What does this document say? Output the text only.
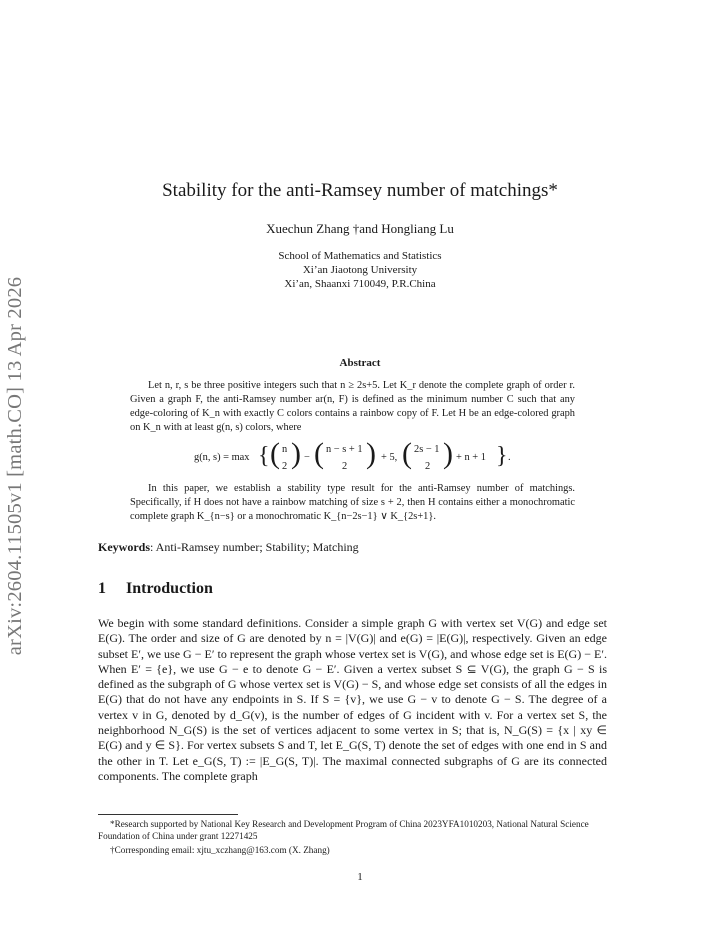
arXiv:2604.11505v1 [math.CO] 13 Apr 2026
Stability for the anti-Ramsey number of matchings*
Xuechun Zhang †and Hongliang Lu
School of Mathematics and Statistics
Xi’an Jiaotong University
Xi’an, Shaanxi 710049, P.R.China
Abstract
Let n, r, s be three positive integers such that n ≥ 2s+5. Let K_r denote the complete graph of order r. Given a graph F, the anti-Ramsey number ar(n, F) is defined as the minimum number C such that any edge-coloring of K_n with exactly C colors contains a rainbow copy of F. Let H be an edge-colored graph on K_n with at least g(n, s) colors, where
g(n, s) = max { ( n
2 ) − ( n − s + 1
2 ) + 5, ( 2s − 1
2 ) + n + 1 } .
In this paper, we establish a stability type result for the anti-Ramsey number of matchings. Specifically, if H does not have a rainbow matching of size s + 2, then H contains either a monochromatic complete graph K_{n−s} or a monochromatic K_{n−2s−1} ∨ K_{2s+1}.
Keywords: Anti-Ramsey number; Stability; Matching
1 Introduction
We begin with some standard definitions. Consider a simple graph G with vertex set V(G) and edge set E(G). The order and size of G are denoted by n = |V(G)| and e(G) = |E(G)|, respectively. Given an edge subset E′, we use G − E′ to represent the graph whose vertex set is V(G), and whose edge set is E(G) − E′. When E′ = {e}, we use G − e to denote G − E′. Given a vertex subset S ⊆ V(G), the graph G − S is defined as the subgraph of G whose vertex set is V(G) − S, and whose edge set consists of all the edges in E(G) that do not have any endpoints in S. If S = {v}, we use G − v to denote G − S. The degree of a vertex v in G, denoted by d_G(v), is the number of edges of G incident with v. For a vertex set S, the neighborhood N_G(S) is the set of vertices adjacent to some vertex in S; that is, N_G(S) = {x | xy ∈ E(G) and y ∈ S}. For vertex subsets S and T, let E_G(S, T) denote the set of edges with one end in S and the other in T. Let e_G(S, T) := |E_G(S, T)|. The maximal connected subgraphs of G are its connected components. The complete graph
*Research supported by National Key Research and Development Program of China 2023YFA1010203, National Natural Science Foundation of China under grant 12271425
†Corresponding email: xjtu_xczhang@163.com (X. Zhang)
1
